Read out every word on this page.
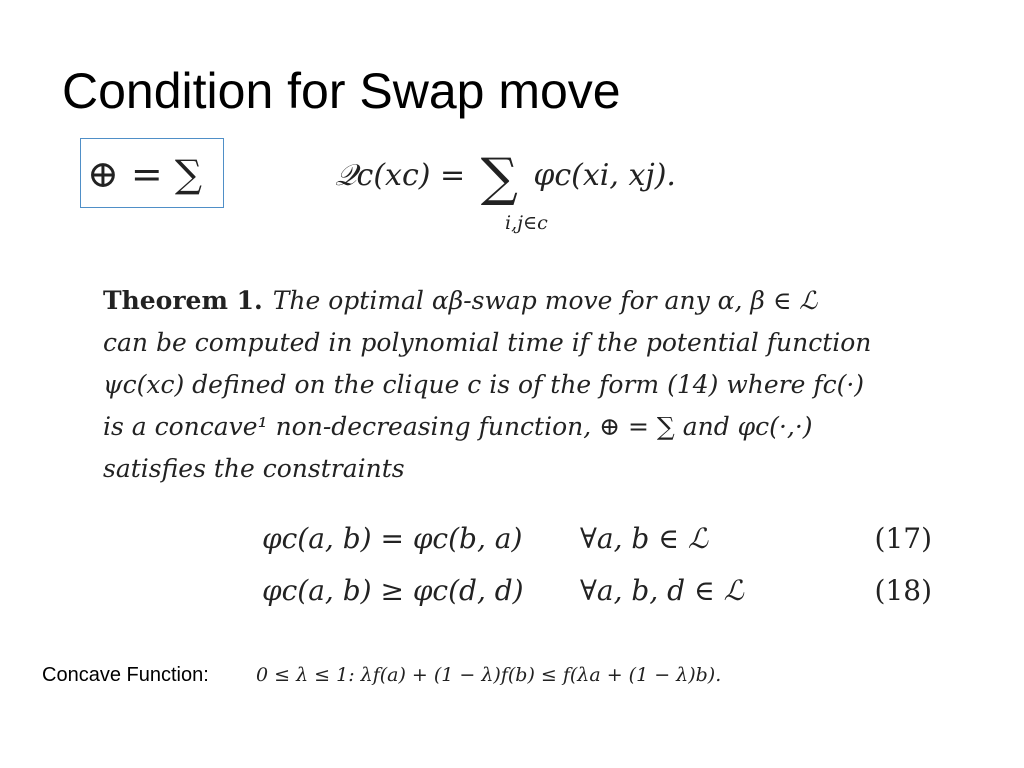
Condition for Swap move
⊕ = ∑	𝒬c(xc) = ∑ φc(xi, xj).
i,j∈c
Theorem 1. The optimal αβ-swap move for any α, β ∈ ℒ
can be computed in polynomial time if the potential function
ψc(xc) defined on the clique c is of the form (14) where fc(·)
is a concave¹ non-decreasing function, ⊕ = ∑ and φc(·,·)
satisfies the constraints
φc(a, b) = φc(b, a) ∀a, b ∈ ℒ	(17)
φc(a, b) ≥ φc(d, d) ∀a, b, d ∈ ℒ	(18)
Concave Function: 0 ≤ λ ≤ 1: λf(a) + (1 − λ)f(b) ≤ f(λa + (1 − λ)b).
